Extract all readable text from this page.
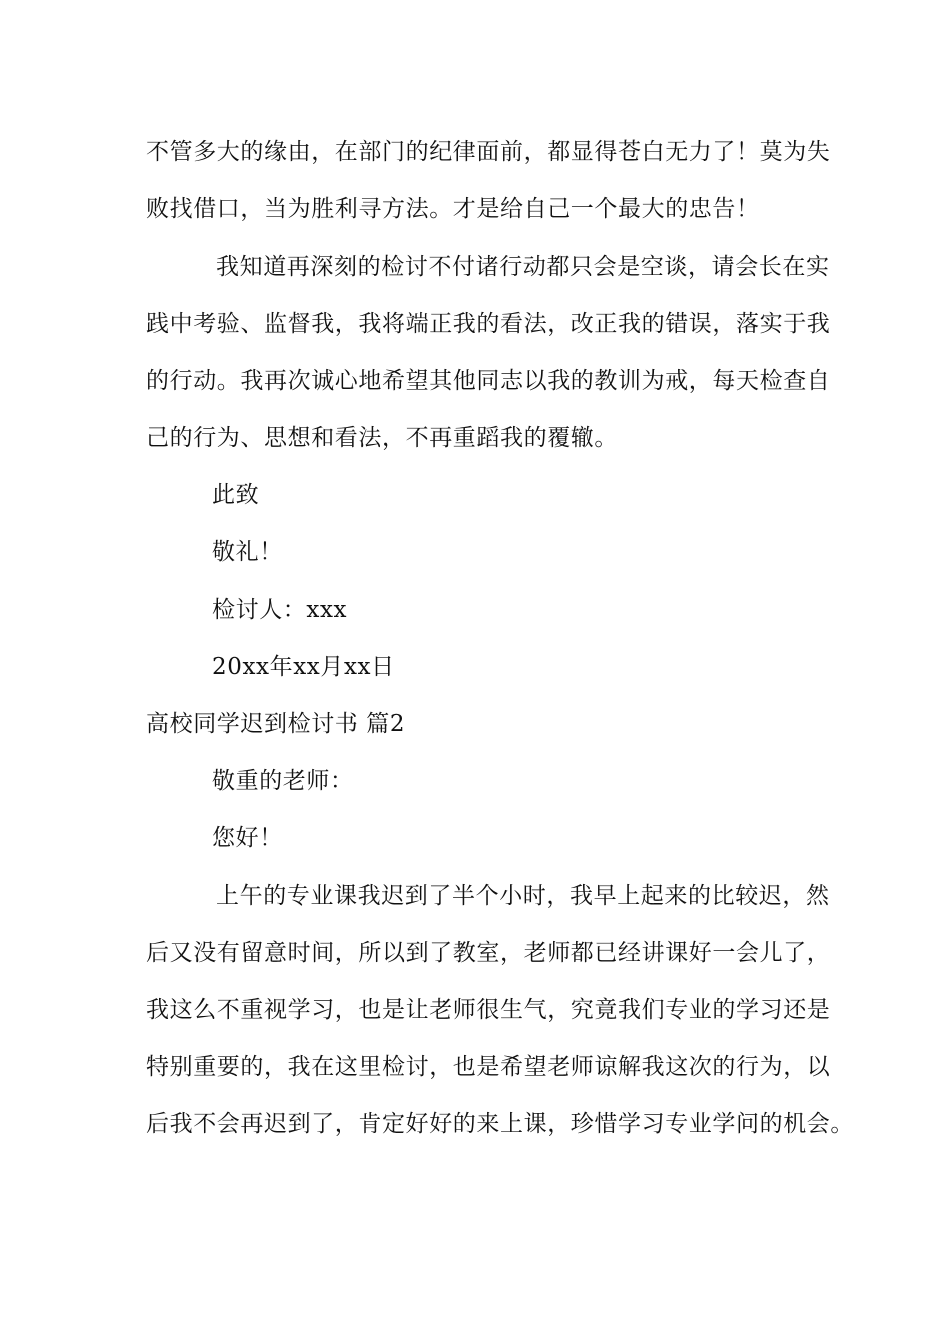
不管多大的缘由，在部门的纪律面前，都显得苍白无力了！莫为失
败找借口，当为胜利寻方法。才是给自己一个最大的忠告！
我知道再深刻的检讨不付诸行动都只会是空谈，请会长在实
践中考验、监督我，我将端正我的看法，改正我的错误，落实于我
的行动。我再次诚心地希望其他同志以我的教训为戒，每天检查自
己的行为、思想和看法，不再重蹈我的覆辙。
此致
敬礼！
检讨人：xxx
20xx年xx月xx日
高校同学迟到检讨书 篇2
敬重的老师：
您好！
上午的专业课我迟到了半个小时，我早上起来的比较迟，然
后又没有留意时间，所以到了教室，老师都已经讲课好一会儿了，
我这么不重视学习，也是让老师很生气，究竟我们专业的学习还是
特别重要的，我在这里检讨，也是希望老师谅解我这次的行为，以
后我不会再迟到了，肯定好好的来上课，珍惜学习专业学问的机会。
